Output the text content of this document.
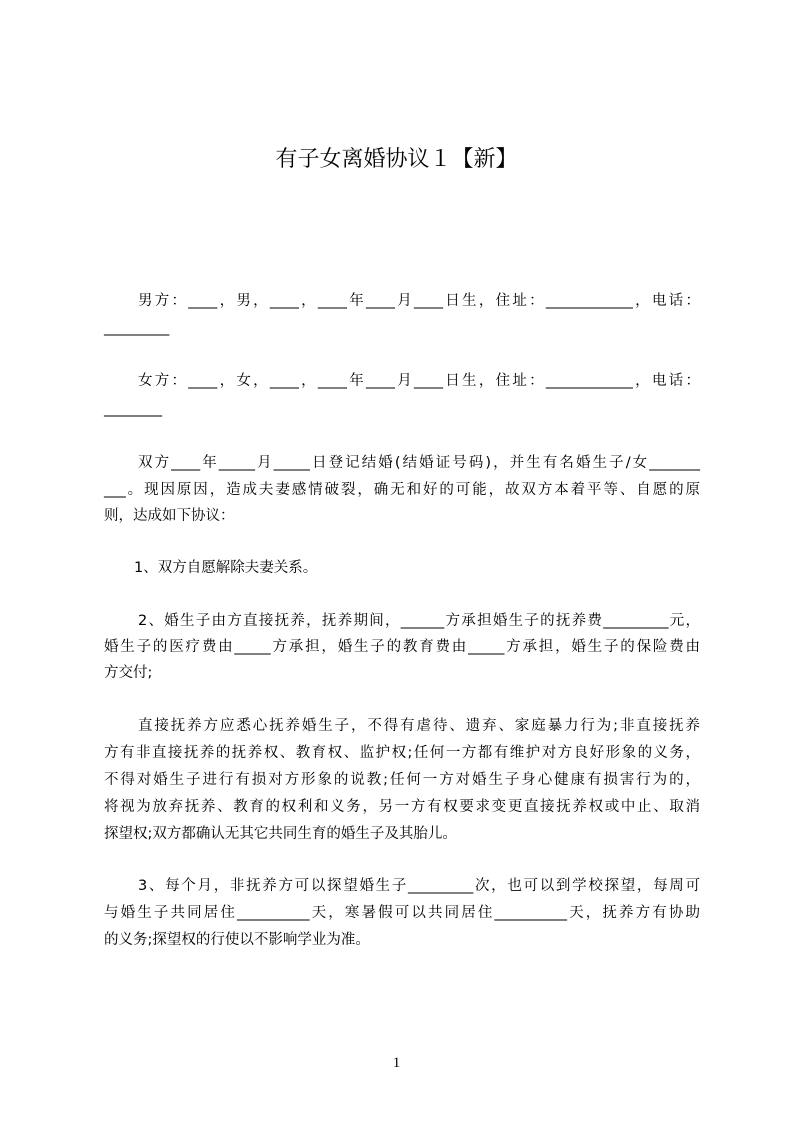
有子女离婚协议１【新】
男方：____，男，____，____年____月____日生，住址：____________，电话：
_________
女方：____，女，____，____年____月____日生，住址：____________，电话：
________
双方____年_____月_____日登记结婚(结婚证号码)，并生有名婚生子/女_______
___。现因原因，造成夫妻感情破裂，确无和好的可能，故双方本着平等、自愿的原
则，达成如下协议：
1、双方自愿解除夫妻关系。
2、婚生子由方直接抚养，抚养期间，______方承担婚生子的抚养费_________元，
婚生子的医疗费由_____方承担，婚生子的教育费由_____方承担，婚生子的保险费由
方交付;
直接抚养方应悉心抚养婚生子，不得有虐待、遗弃、家庭暴力行为;非直接抚养
方有非直接抚养的抚养权、教育权、监护权;任何一方都有维护对方良好形象的义务，
不得对婚生子进行有损对方形象的说教;任何一方对婚生子身心健康有损害行为的，
将视为放弃抚养、教育的权利和义务，另一方有权要求变更直接抚养权或中止、取消
探望权;双方都确认无其它共同生育的婚生子及其胎儿。
3、每个月，非抚养方可以探望婚生子_________次，也可以到学校探望，每周可
与婚生子共同居住__________天，寒暑假可以共同居住__________天，抚养方有协助
的义务;探望权的行使以不影响学业为准。
1
